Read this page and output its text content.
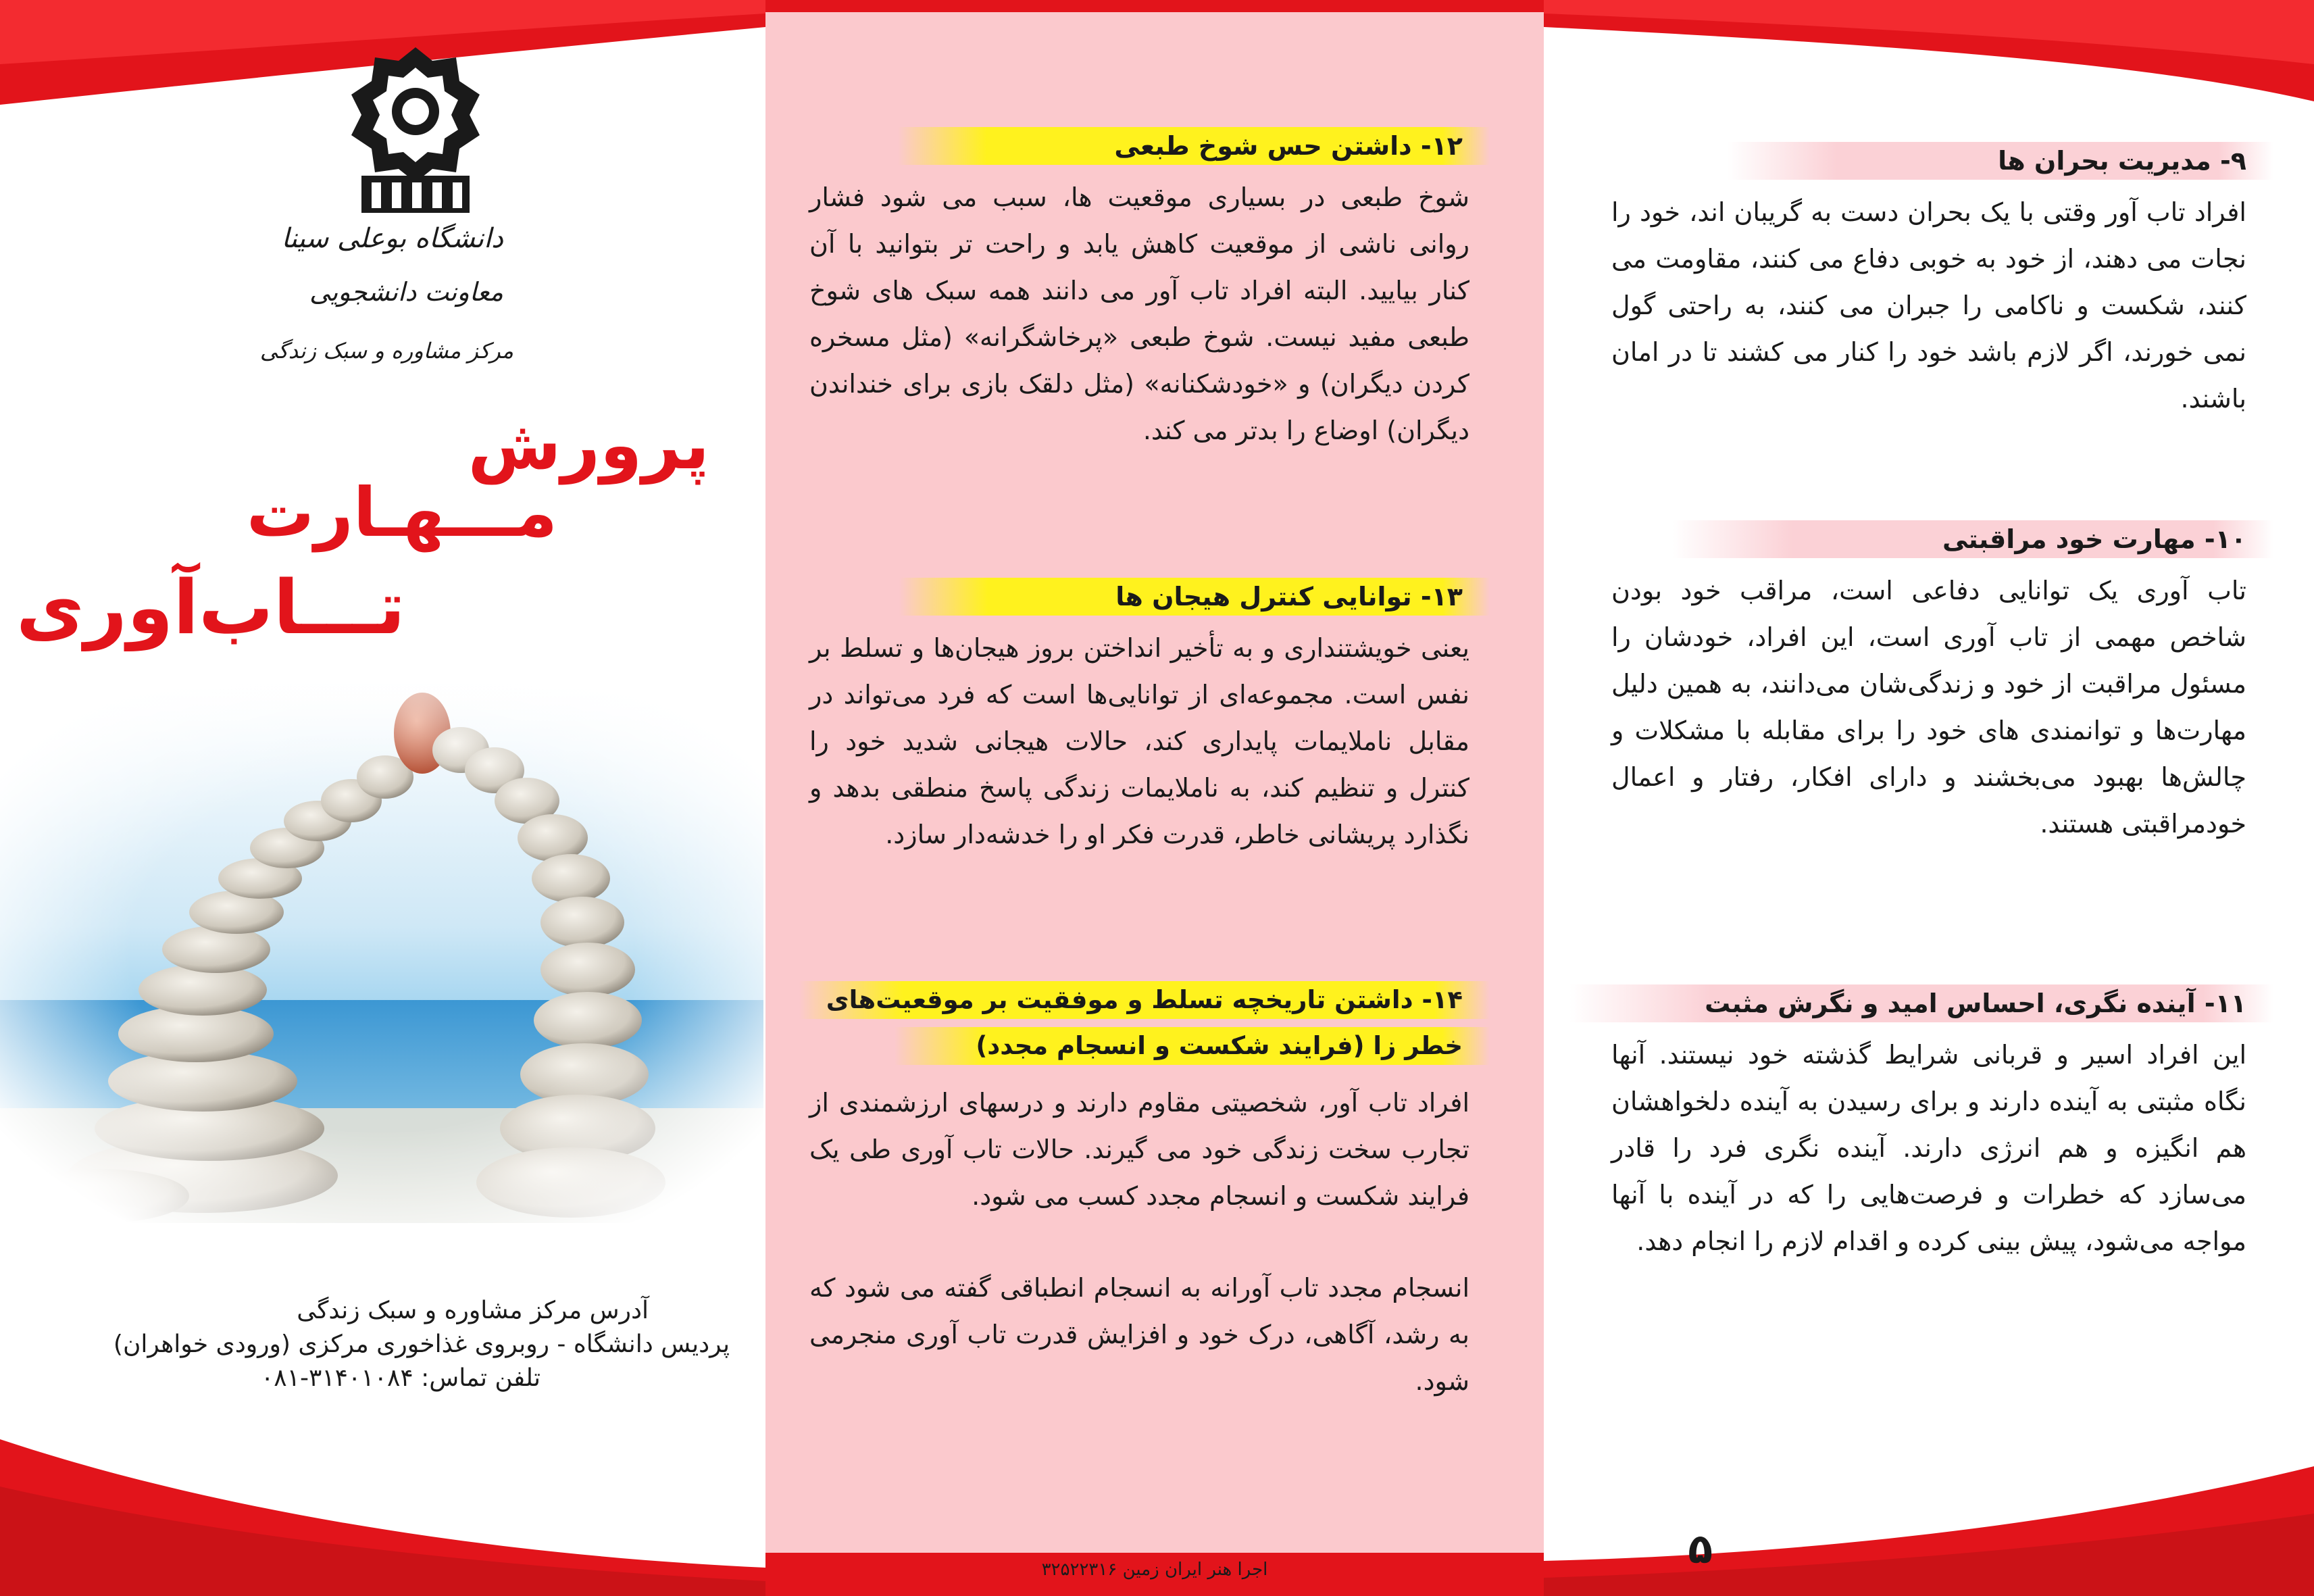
دانشگاه بوعلی سینا
معاونت دانشجویی
مرکز مشاوره و سبک زندگی
پرورش
مـــهـارت
تـــاب‌آوری
آدرس مرکز مشاوره و سبک زندگی
پردیس دانشگاه - روبروی غذاخوری مرکزی (ورودی خواهران)
تلفن تماس: ۳۱۴۰۱۰۸۴-۰۸۱
۱۲- داشتن حس شوخ طبعی
شوخ طبعی در بسیاری موقعیت ها، سبب می شود فشار روانی ناشی از موقعیت کاهش یابد و راحت تر بتوانید با آن کنار بیایید. البته افراد تاب آور می دانند همه سبک های شوخ طبعی مفید نیست. شوخ طبعی «پرخاشگرانه» (مثل مسخره کردن دیگران) و «خودشکنانه» (مثل دلقک بازی برای خنداندن دیگران) اوضاع را بدتر می کند.
۱۳- توانایی کنترل هیجان ها
یعنی خویشتنداری و به تأخیر انداختن بروز هیجان‌ها و تسلط بر نفس است. مجموعه‌ای از توانایی‌ها است که فرد می‌تواند در مقابل ناملایمات پایداری کند، حالات هیجانی شدید خود را کنترل و تنظیم کند، به ناملایمات زندگی پاسخ منطقی بدهد و نگذارد پریشانی خاطر، قدرت فکر او را خدشه‌دار سازد.
۱۴- داشتن تاریخچه تسلط و موفقیت بر موقعیت‌های
خطر زا (فرایند شکست و انسجام مجدد)
افراد تاب آور، شخصیتی مقاوم دارند و درسهای ارزشمندی از تجارب سخت زندگی خود می گیرند. حالات تاب آوری طی یک فرایند شکست و انسجام مجدد کسب می شود.
انسجام مجدد تاب آورانه به انسجام انطباقی گفته می شود که به رشد، آگاهی، درک خود و افزایش قدرت تاب آوری منجرمی شود.
۹- مدیریت بحران ها
افراد تاب آور وقتی با یک بحران دست به گریبان اند، خود را نجات می دهند، از خود به خوبی دفاع می کنند، مقاومت می کنند، شکست و ناکامی را جبران می کنند، به راحتی گول نمی خورند، اگر لازم باشد خود را کنار می کشند تا در امان باشند.
۱۰- مهارت خود مراقبتی
تاب آوری یک توانایی دفاعی است، مراقب خود بودن شاخص مهمی از تاب آوری است، این افراد، خودشان را مسئول مراقبت از خود و زندگی‌شان می‌دانند، به همین دلیل مهارت‌ها و توانمندی های خود را برای مقابله با مشکلات و چالش‌ها بهبود می‌بخشند و دارای افکار، رفتار و اعمال خودمراقبتی هستند.
۱۱- آینده نگری، احساس امید و نگرش مثبت
این افراد اسیر و قربانی شرایط گذشته خود نیستند. آنها نگاه مثبتی به آینده دارند و برای رسیدن به آینده دلخواهشان هم انگیزه و هم انرژی دارند. آینده نگری فرد را قادر می‌سازد که خطرات و فرصت‌هایی را که در آینده با آنها مواجه می‌شود، پیش بینی کرده و اقدام لازم را انجام دهد.
۵
اجرا هنر ایران زمین ۳۲۵۲۲۳۱۶
